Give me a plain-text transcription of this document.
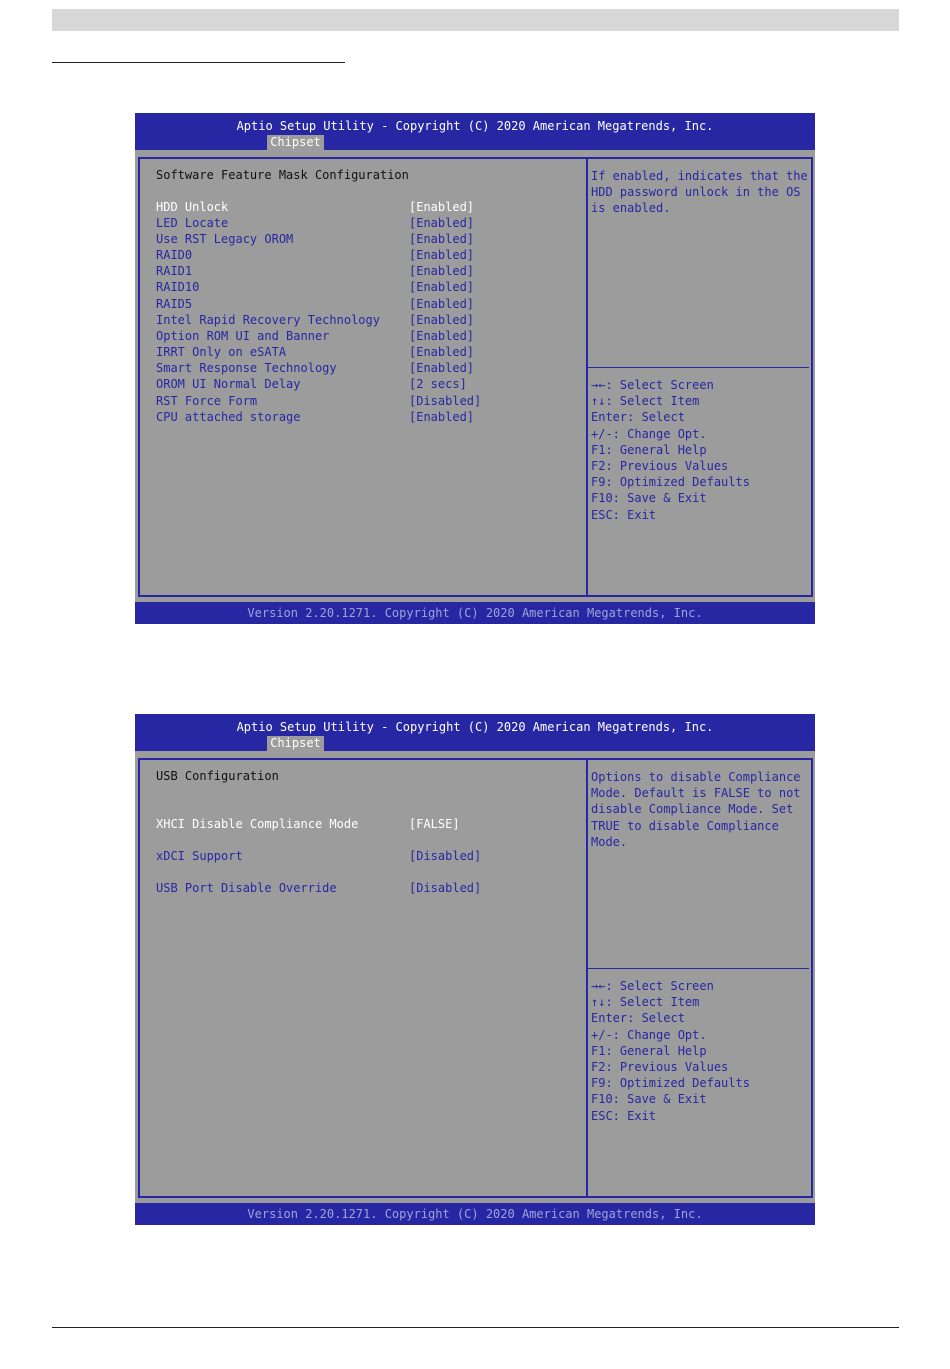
Aptio Setup Utility - Copyright (C) 2020 American Megatrends, Inc.
Chipset
Software Feature Mask Configuration

HDD Unlock

	[Enabled]

LED Locate

	[Enabled]

Use RST Legacy OROM

	[Enabled]

RAID0

	[Enabled]

RAID1

	[Enabled]

RAID10

	[Enabled]

RAID5

	[Enabled]

Intel Rapid Recovery Technology

[Enabled]

Option ROM UI and Banner

	[Enabled]

IRRT Only on eSATA

	[Enabled]

Smart Response Technology

	[Enabled]

OROM UI Normal Delay

	[2 secs]

RST Force Form

	[Disabled]

CPU attached storage

	[Enabled]

If enabled, indicates that the
HDD password unlock in the OS
is enabled.
→←: Select Screen
↑↓: Select Item
Enter: Select
+/-: Change Opt.
F1: General Help
F2: Previous Values
F9: Optimized Defaults
F10: Save & Exit
ESC: Exit
Version 2.20.1271. Copyright (C) 2020 American Megatrends, Inc.
Aptio Setup Utility - Copyright (C) 2020 American Megatrends, Inc.
Chipset
USB Configuration

XHCI Disable Compliance Mode

	[FALSE]

xDCI Support

	[Disabled]

USB Port Disable Override

	[Disabled]

Options to disable Compliance
Mode. Default is FALSE to not
disable Compliance Mode. Set
TRUE to disable Compliance
Mode.
→←: Select Screen
↑↓: Select Item
Enter: Select
+/-: Change Opt.
F1: General Help
F2: Previous Values
F9: Optimized Defaults
F10: Save & Exit
ESC: Exit
Version 2.20.1271. Copyright (C) 2020 American Megatrends, Inc.
